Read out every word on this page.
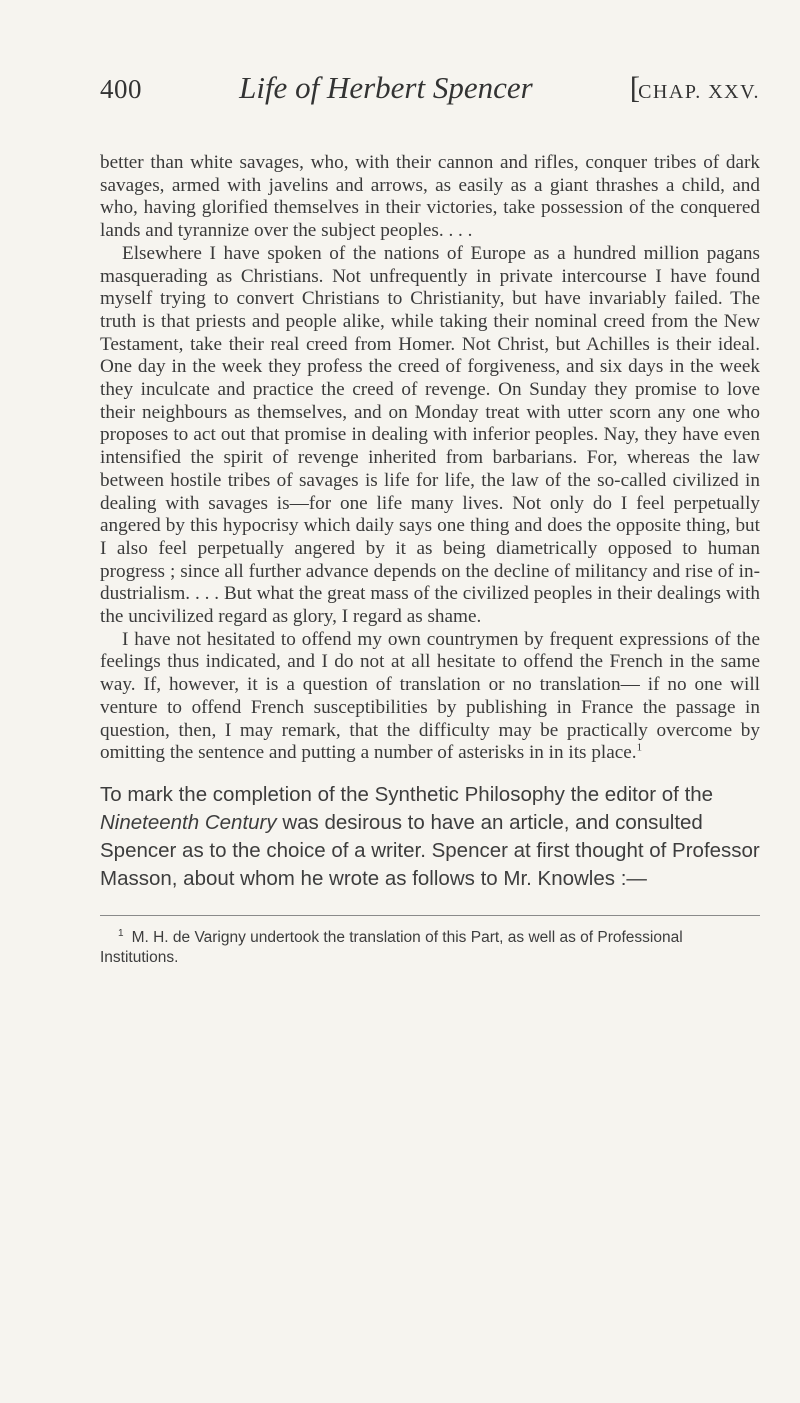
400	Life of Herbert Spencer	[CHAP. XXV.

better than white savages, who, with their cannon and rifles, conquer tribes of dark savages, armed with javelins and arrows, as easily as a giant thrashes a child, and who, having glorified themselves in their victories, take possession of the conquered lands and tyrannize over the subject peoples. . . .

Elsewhere I have spoken of the nations of Europe as a hundred million pagans masquerading as Christians. Not unfrequently in private intercourse I have found myself trying to convert Christians to Christianity, but have invariably failed. The truth is that priests and people alike, while taking their nominal creed from the New Testament, take their real creed from Homer. Not Christ, but Achilles is their ideal. One day in the week they profess the creed of forgiveness, and six days in the week they inculcate and practice the creed of revenge. On Sunday they promise to love their neighbours as themselves, and on Monday treat with utter scorn any one who proposes to act out that promise in dealing with inferior peoples. Nay, they have even intensified the spirit of revenge inherited from barbarians. For, whereas the law between hostile tribes of savages is life for life, the law of the so-called civilized in dealing with savages is—for one life many lives. Not only do I feel perpetually angered by this hypocrisy which daily says one thing and does the opposite thing, but I also feel perpetually angered by it as being diametrically opposed to human progress ; since all further advance depends on the decline of militancy and rise of in-dustrialism. . . . But what the great mass of the civilized peoples in their dealings with the uncivilized regard as glory, I regard as shame.

I have not hesitated to offend my own countrymen by frequent expressions of the feelings thus indicated, and I do not at all hesitate to offend the French in the same way. If, however, it is a question of translation or no translation— if no one will venture to offend French susceptibilities by publishing in France the passage in question, then, I may remark, that the difficulty may be practically overcome by omitting the sentence and putting a number of asterisks in in its place.$^1$

To mark the completion of the Synthetic Philosophy the editor of the Nineteenth Century was desirous to have an article, and consulted Spencer as to the choice of a writer. Spencer at first thought of Professor Masson, about whom he wrote as follows to Mr. Knowles :—

$^1$ M. H. de Varigny undertook the translation of this Part, as well as of Professional Institutions.
